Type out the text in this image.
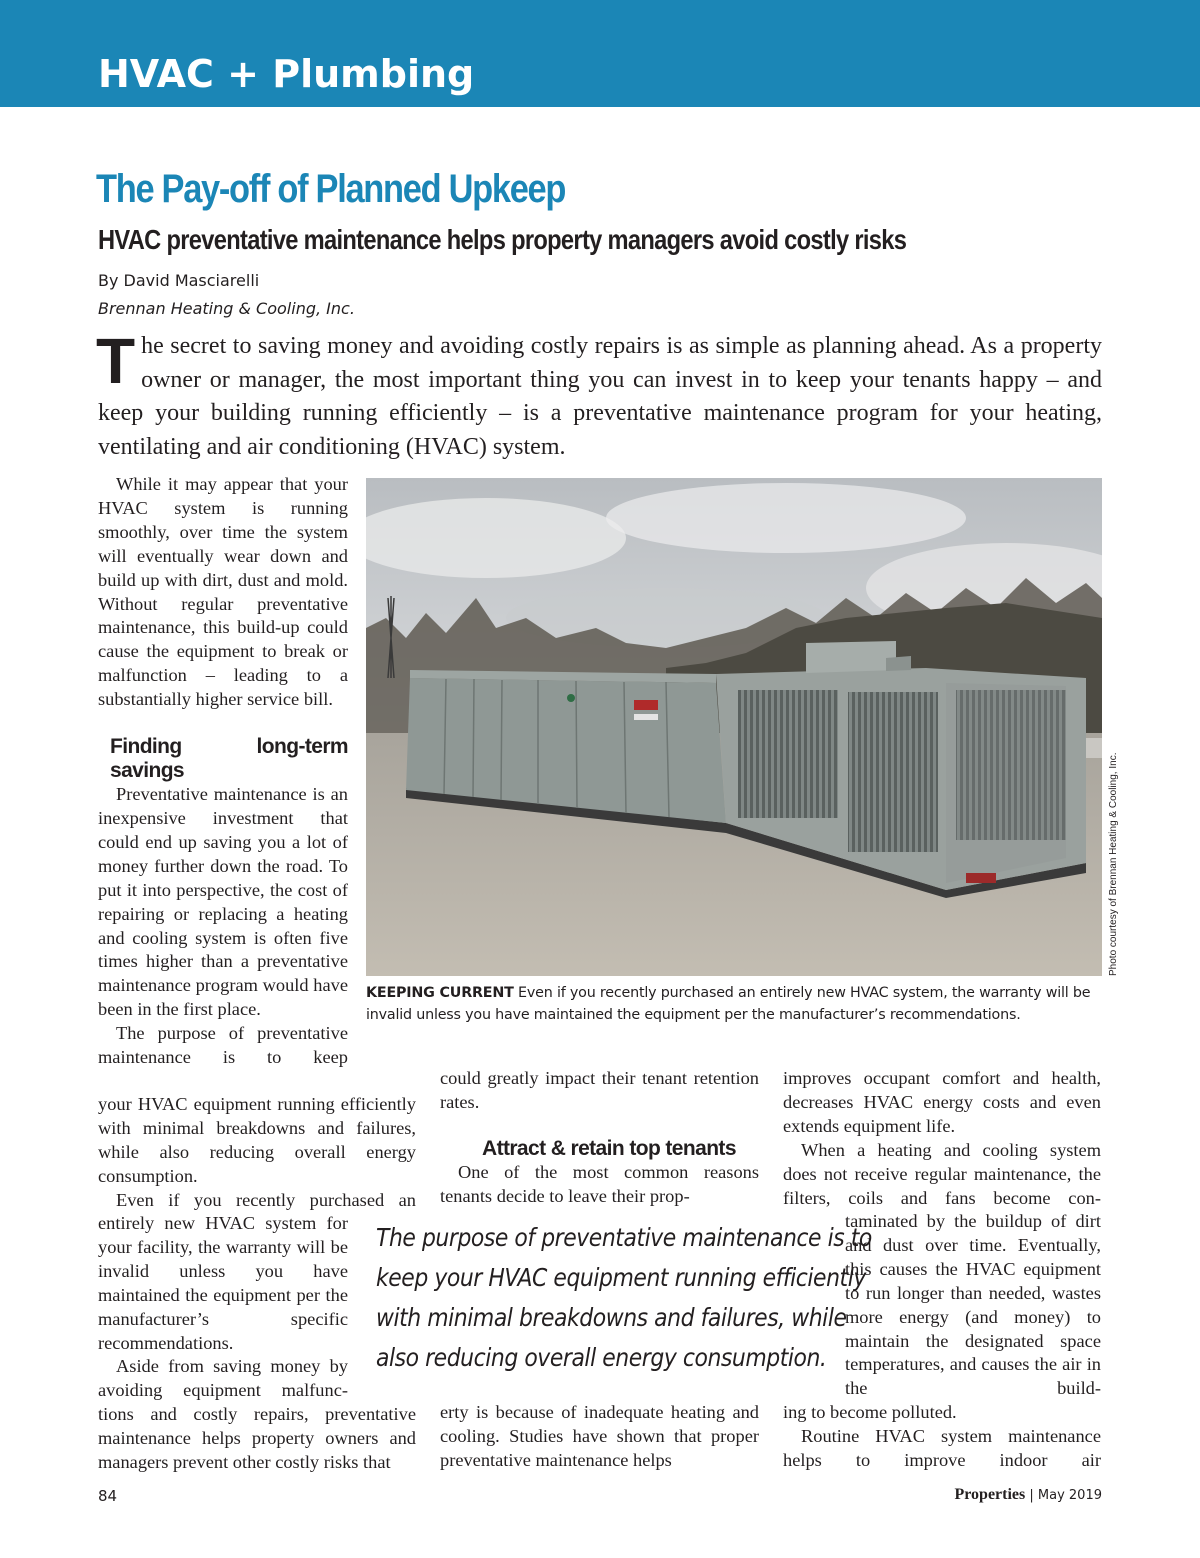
HVAC + Plumbing
The Pay-off of Planned Upkeep
HVAC preventative maintenance helps property managers avoid costly risks
By David Masciarelli
Brennan Heating & Cooling, Inc.
The secret to saving money and avoiding costly repairs is as simple as planning ahead. As a property owner or manager, the most important thing you can invest in to keep your tenants happy – and keep your building running efficiently – is a preventative maintenance program for your heating, ventilating and air conditioning (HVAC) system.

While it may appear that your HVAC system is running smoothly, over time the system will eventually wear down and build up with dirt, dust and mold. Without regular preventative maintenance, this build-up could cause the equipment to break or malfunction – leading to a substantially higher service bill.

Finding long-term savings

Preventative maintenance is an inexpensive investment that could end up saving you a lot of money further down the road. To put it into perspective, the cost of repairing or replacing a heating and cooling system is often five times higher than a preventative maintenance program would have been in the first place.

The purpose of preventative maintenance is to keep

your HVAC equipment running efficiently with minimal breakdowns and failures, while also reducing overall energy consumption.

Even if you recently purchased an

entirely new HVAC system for your facility, the warranty will be invalid unless you have maintained the equipment per the manufacturer’s specific recommendations.

Aside from saving money by avoiding equipment malfunc-

tions and costly repairs, preventative maintenance helps property owners and managers prevent other costly risks that

could greatly impact their tenant retention rates.

Attract & retain top tenants

One of the most common reasons tenants decide to leave their prop-

erty is because of inadequate heating and cooling. Studies have shown that proper preventative maintenance helps

improves occupant comfort and health, decreases HVAC energy costs and even extends equipment life.

When a heating and cooling system does not receive regular maintenance, the filters, coils and fans become con-

taminated by the buildup of dirt and dust over time. Eventually, this causes the HVAC equipment to run longer than needed, wastes more energy (and money) to maintain the designated space temperatures, and causes the air in the build-

ing to become polluted.

Routine HVAC system maintenance helps to improve indoor air

The purpose of preventative maintenance is to
keep your HVAC equipment running efficiently
with minimal breakdowns and failures, while
also reducing overall energy consumption.
Photo courtesy of Brennan Heating & Cooling, Inc.
KEEPING CURRENT Even if you recently purchased an entirely new HVAC system, the warranty will be invalid unless you have maintained the equipment per the manufacturer’s recommendations.
84	Properties | May 2019
